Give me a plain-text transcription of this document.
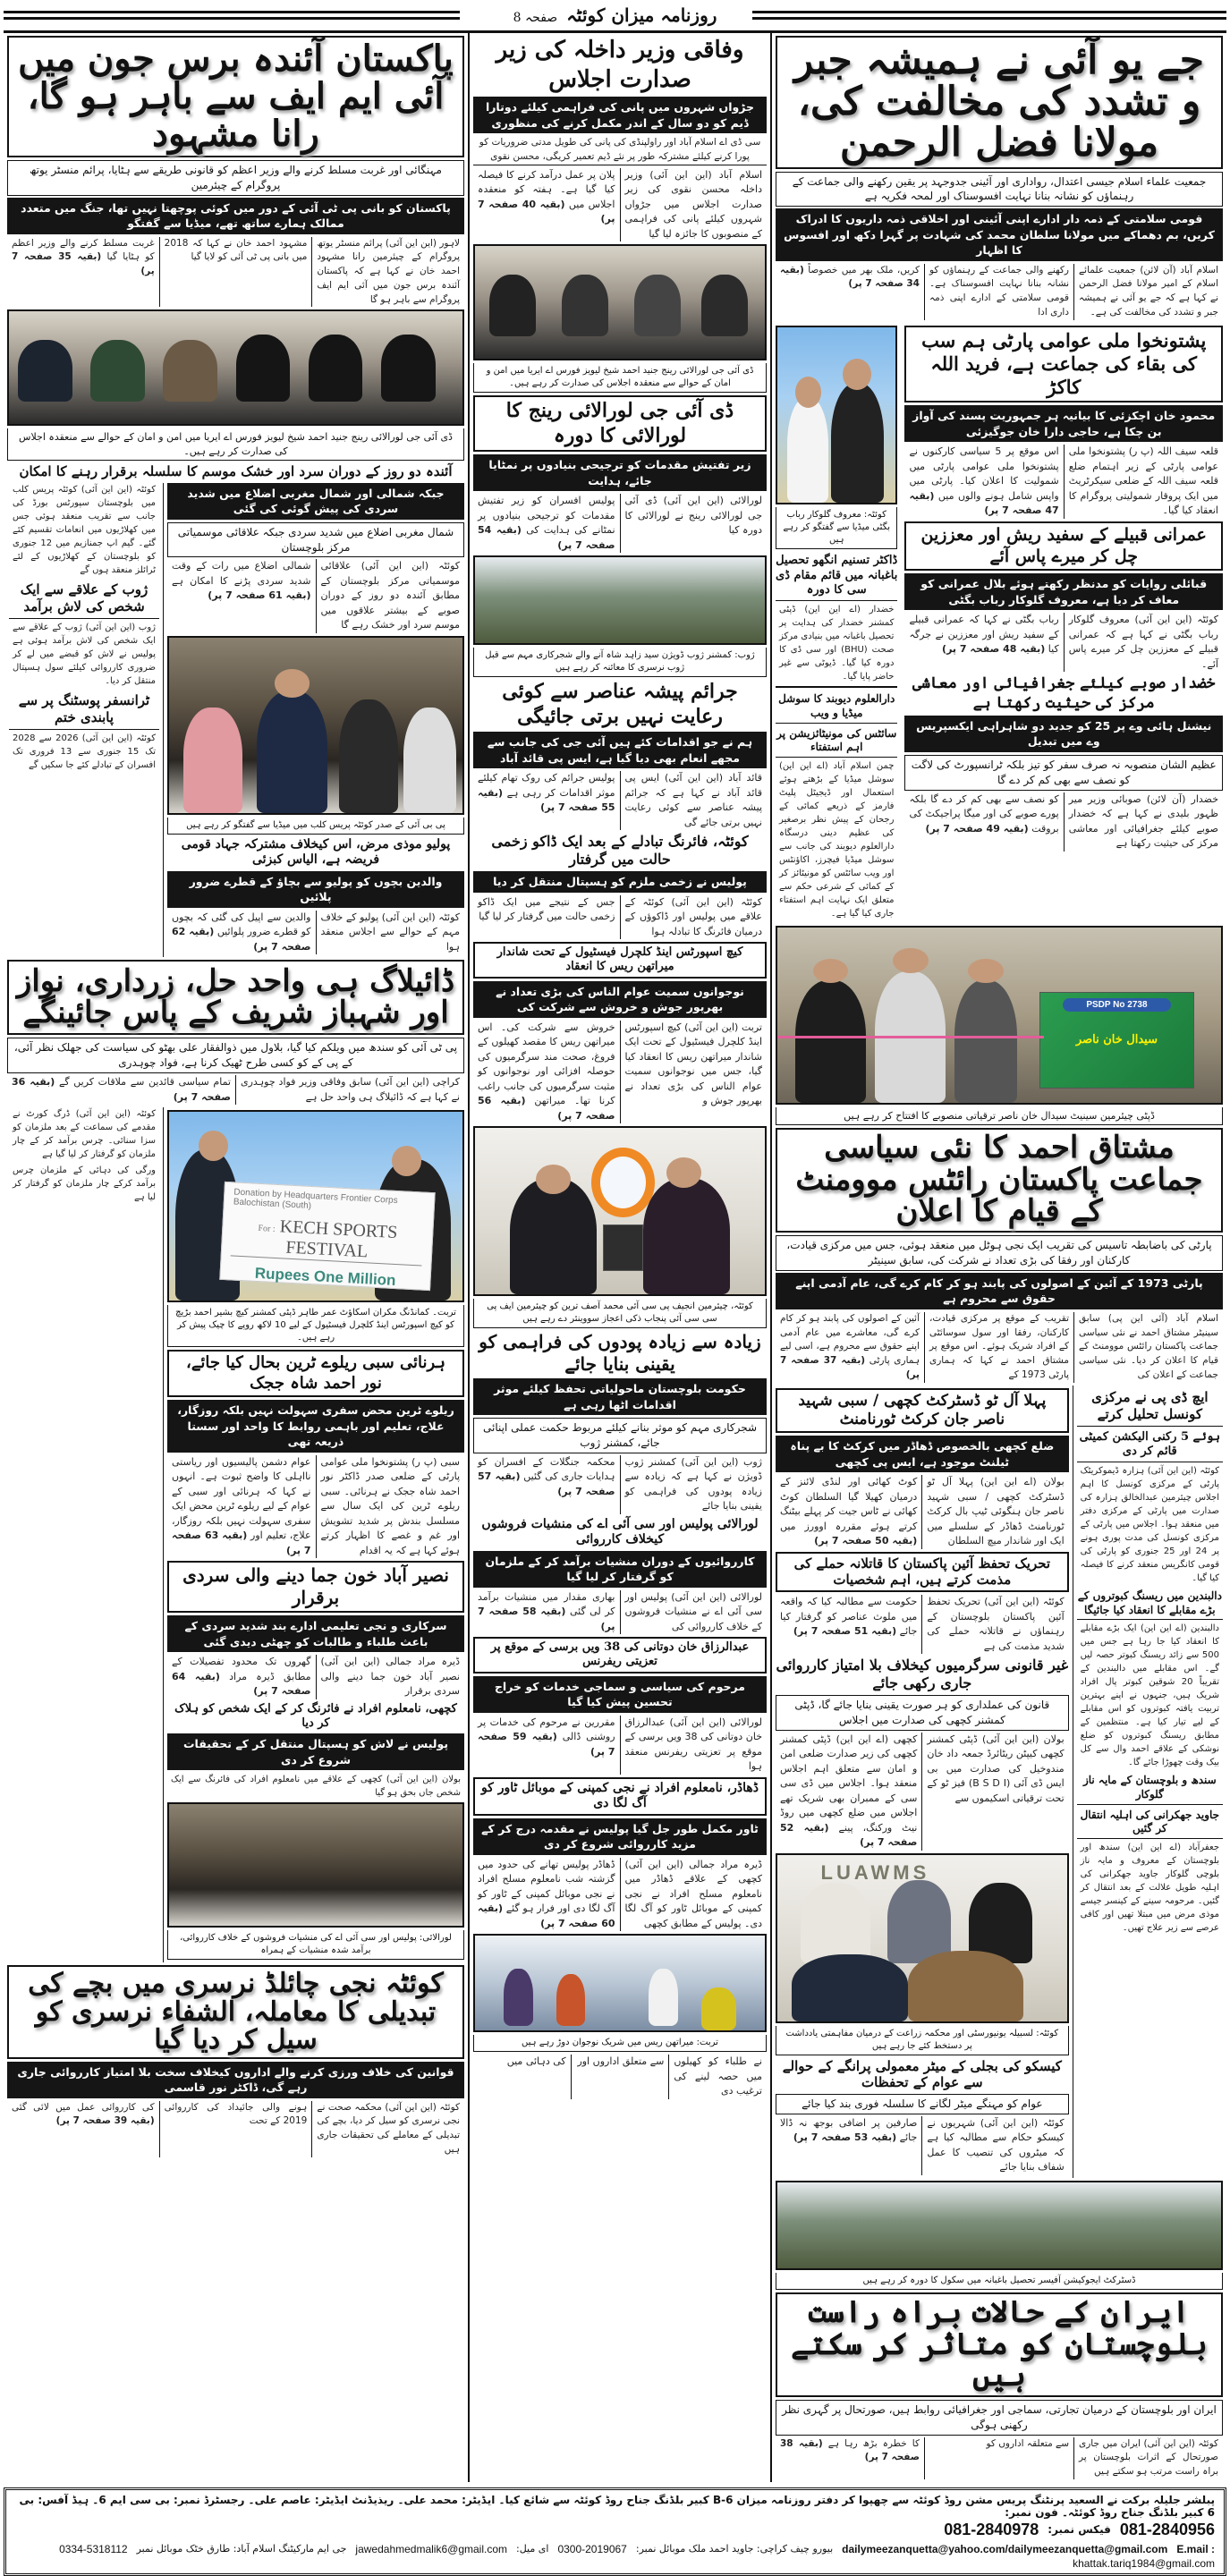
روزنامہ میزان کوئٹہ
صفحہ 8
جے یو آئی نے ہمیشہ جبر و تشدد کی مخالفت کی، مولانا فضل الرحمن
جمعیت علماء اسلام جیسی اعتدال، رواداری اور آئینی جدوجہد پر یقین رکھنے والی جماعت کے رہنماؤں کو نشانہ بنانا نہایت افسوسناک اور لمحہ فکریہ ہے
قومی سلامتی کے ذمہ دار ادارے اپنی آئینی اور اخلاقی ذمہ داریوں کا ادراک کریں، بم دھماکے میں مولانا سلطان محمد کی شہادت پر گہرا دکھ اور افسوس کا اظہار
اسلام آباد (آن لائن) جمعیت علمائے اسلام کے امیر مولانا فضل الرحمن نے کہا ہے کہ جے یو آئی نے ہمیشہ جبر و تشدد کی مخالفت کی ہے۔
رکھنے والی جماعت کے رہنماؤں کو نشانہ بنانا نہایت افسوسناک ہے۔ قومی سلامتی کے ادارے اپنی ذمہ داری ادا
کریں، ملک بھر میں خصوصاً (بقیہ 34 صفحہ 7 پر)
پشتونخوا ملی عوامی پارٹی ہم سب کی بقاء کی جماعت ہے، فرید اللہ کاکڑ
محمود خان اچکزئی کا بیانیہ ہر جمہوریت پسند کی آواز بن چکا ہے، حاجی دارا خان جوگیزئی
قلعہ سیف اللہ (پ ر) پشتونخوا ملی عوامی پارٹی کے زیر اہتمام ضلع قلعہ سیف اللہ کے ضلعی سیکرٹریٹ میں ایک پروقار شمولیتی پروگرام کا انعقاد کیا گیا۔
اس موقع پر 5 سیاسی کارکنوں نے پشتونخوا ملی عوامی پارٹی میں شمولیت کا اعلان کیا۔ پارٹی میں واپس شامل ہونے والوں میں (بقیہ 47 صفحہ 7 پر)
عمرانی قبیلے کے سفید ریش اور معززین چل کر میرے پاس آئے
قبائلی روایات کو مدنظر رکھتے ہوئے بلال عمرانی کو معاف کر دیا ہے، معروف گلوکار رباب بگٹی
کوئٹہ (این این آئی) معروف گلوکار رباب بگٹی نے کہا ہے کہ عمرانی قبیلے کے معززین چل کر میرے پاس آئے۔
رباب بگٹی نے کہا کہ عمرانی قبیلے کے سفید ریش اور معززین نے جرگہ کیا (بقیہ 48 صفحہ 7 پر)
خضدار صوبے کیلئے جغرافیائی اور معاشی مرکز کی حیثیت رکھتا ہے
نیشنل ہائی وے پر 25 کو جدید دو شاہراہی ایکسپریس وے میں تبدیل
عظیم الشان منصوبہ نہ صرف سفر کو تیز بلکہ ٹرانسپورٹ کی لاگت کو نصف سے بھی کم کر دے گا
خضدار (آن لائن) صوبائی وزیر میر ظہور بلیدی نے کہا ہے کہ خضدار صوبے کیلئے جغرافیائی اور معاشی مرکز کی حیثیت رکھتا ہے
کو نصف سے بھی کم کر دے گا بلکہ پورے صوبے کی اور میگا پراجیکٹ کی بروقت (بقیہ 49 صفحہ 7 پر)
کوئٹہ: معروف گلوکار رباب بگٹی میڈیا سے گفتگو کر رہے ہیں
ڈاکٹر تسنیم انگھو تحصیل باغبانہ میں قائم مقام ڈی سی کا دورہ
خضدار (اے این این) ڈپٹی کمشنر خضدار کی ہدایت پر تحصیل باغبانہ میں بنیادی مرکز صحت (BHU) اور سی ڈی کا دورہ کیا گیا۔ ڈیوٹی سے غیر حاضر پایا گیا۔
دارالعلوم دیوبند کا سوشل میڈیا و ویب
سائٹس کی مونیٹائزیشن پر اہم استفتاء
چمن اسلام آباد (اے این این) سوشل میڈیا کے بڑھتے ہوئے استعمال اور ڈیجیٹل پلیٹ فارمز کے ذریعے کمائی کے رجحان کے پیش نظر برصغیر کی عظیم دینی درسگاہ دارالعلوم دیوبند کی جانب سے سوشل میڈیا فیچرز، اکاؤنٹس اور ویب سائٹس کو مونیٹائز کر کے کمائی کے شرعی حکم سے متعلق ایک نہایت اہم استفتاء جاری کیا گیا ہے۔
PSDP No 2738
سیدال خان ناصر
ڈپٹی چیئرمین سینیٹ سیدال خان ناصر ترقیاتی منصوبے کا افتتاح کر رہے ہیں
مشتاق احمد کا نئی سیاسی جماعت پاکستان رائٹس موومنٹ کے قیام کا اعلان
پارٹی کی باضابطہ تاسیس کی تقریب ایک نجی ہوٹل میں منعقد ہوئی، جس میں مرکزی قیادت، کارکنان اور رفقا کی بڑی تعداد نے شرکت کی، سابق سینیٹر
پارٹی 1973 کے آئین کے اصولوں کی پابند ہو کر کام کرے گی، عام آدمی اپنے حقوق سے محروم ہے
اسلام آباد (آئی این پی) سابق سینیٹر مشتاق احمد نے نئی سیاسی جماعت پاکستان رائٹس موومنٹ کے قیام کا اعلان کر دیا۔ نئی سیاسی جماعت کے اعلان کی
تقریب کے موقع پر مرکزی قیادت، کارکنان، رفقا اور سول سوسائٹی کے افراد شریک ہوئے۔ اس موقع پر مشتاق احمد نے کہا کہ ہماری پارٹی 1973 کے
آئین کے اصولوں کی پابند ہو کر کام کرے گی، معاشرے میں عام آدمی اپنے حقوق سے محروم ہے، اسی لیے ہماری پارٹی (بقیہ 37 صفحہ 7 پر)
ایچ ڈی پی نے مرکزی کونسل تحلیل کرتے
ہوئے 5 رکنی الیکشن کمیٹی قائم کر دی
کوئٹہ (این این آئی) ہزارہ ڈیموکریٹک پارٹی کے مرکزی کونسل کا اہم اجلاس چیئرمین عبدالخالق ہزارہ کی صدارت میں پارٹی کے مرکزی دفتر میں منعقد ہوا۔ اجلاس میں پارٹی کے مرکزی کونسل کی مدت پوری ہونے پر 24 اور 25 جنوری کو پارٹی کی قومی کانگریس منعقد کرنے کا فیصلہ کیا گیا۔
دالبندین میں ریسنگ کبوتروں کے بڑے مقابلے کا انعقاد کیا جائیگا
دالبندین (اے این این) ایک بڑے مقابلے کا انعقاد کیا جا رہا ہے جس میں 500 سے زائد ریسنگ کبوتر حصہ لیں گے۔ اس مقابلے میں دالبندین کے تقریباً 20 شوقین کبوتر پال افراد شریک ہیں، جنہوں نے اپنے بہترین تربیت یافتہ کبوتروں کو اس مقابلے کے لیے تیار کیا ہے۔ منتظمین کے مطابق ریسنگ کبوتروں کو ضلع نوشکی کے علاقے احمد وال سے کل بیک وقت چھوڑا جائے گا۔
سندھ و بلوچستان کے مایہ ناز گلوکار
جاوید جھکرانی کی اہلیہ انتقال کر گئیں
جعفرآباد (اے این این) سندھ اور بلوچستان کے معروف و مایہ ناز بلوچی گلوکار جاوید جھکرانی کی اہلیہ طویل علالت کے بعد انتقال کر گئیں۔ مرحومہ سینے کے کینسر جیسے موذی مرض میں مبتلا تھیں اور کافی عرصے سے زیر علاج تھیں۔
پہلا آل ٹو ڈسٹرکٹ کچھی / سبی شہید ناصر جان کرکٹ ٹورنامنٹ
ضلع کچھی بالخصوص ڈھاڈر میں کرکٹ کا بے پناہ ٹیلنٹ موجود ہے، ایس پی کچھی
بولان (اے این این) پہلا آل ٹو ڈسٹرکٹ کچھی / سبی شہید ناصر جان ہنگوئی ٹیپ بال کرکٹ ٹورنامنٹ ڈھاڈر کے سلسلے میں ایک اور شاندار میچ السلطان
کوٹ کھائی اور لنڈی لائنز کے درمیان کھیلا گیا السلطان کوٹ کھائی نے ٹاس جیت کر پہلے بیٹنگ کرتے ہوئے مقررہ اوورز میں (بقیہ 50 صفحہ 7 پر)
تحریک تحفظ آئین پاکستان کا قاتلانہ حملے کی مذمت کرتے ہیں، اہم شخصیات
کوئٹہ (این این آئی) تحریک تحفظ آئین پاکستان بلوچستان کے رہنماؤں نے قاتلانہ حملے کی شدید مذمت کی ہے
حکومت سے مطالبہ کیا کہ واقعہ میں ملوث عناصر کو گرفتار کیا جائے (بقیہ 51 صفحہ 7 پر)
غیر قانونی سرگرمیوں کیخلاف بلا امتیاز کارروائی جاری رکھی جائے
قانون کی عملداری کو ہر صورت یقینی بنایا جائے گا، ڈپٹی کمشنر کچھی کی صدارت میں اجلاس
بولان (این این آئی) ڈپٹی کمشنر کچھی کیپٹن ریٹائرڈ جمعہ داد خان مندوخیل کی صدارت میں بی ایس ڈی آئی (B S D I) فیز ٹو کے تحت ترقیاتی اسکیموں سے
کچھی (اے این این) ڈپٹی کمشنر کچھی کی زیر صدارت ضلعی امن و امان سے متعلق اہم اجلاس منعقد ہوا۔ اجلاس میں ڈی سی سی کے ممبران بھی شریک تھے اجلاس میں ضلع کچھی میں روڈ نیٹ ورکنگ، پینے (بقیہ 52 صفحہ 7 پر)
LUAWMS
کوئٹہ: لسبیلہ یونیورسٹی اور محکمہ زراعت کے درمیان مفاہمتی یادداشت پر دستخط کئے جا رہے ہیں
کیسکو کی بجلی کے میٹر معمولی پرانگے کے حوالے سے عوام کے تحفظات
عوام کو مہنگے میٹر لگانے کا سلسلہ فوری بند کیا جائے
کوئٹہ (این این آئی) شہریوں نے کیسکو حکام سے مطالبہ کیا ہے کہ میٹروں کی تنصیب کا عمل شفاف بنایا جائے
صارفین پر اضافی بوجھ نہ ڈالا جائے (بقیہ 53 صفحہ 7 پر)
ڈسٹرکٹ ایجوکیشن آفیسر تحصیل باغبانہ میں سکول کا دورہ کر رہے ہیں
ایران کے حالات براہ راست بلوچستان کو متاثر کر سکتے ہیں
ایران اور بلوچستان کے درمیان تجارتی، سماجی اور جغرافیائی روابط ہیں، صورتحال پر گہری نظر رکھنی ہوگی
کوئٹہ (این این آئی) ایران میں جاری صورتحال کے اثرات بلوچستان پر براہ راست مرتب ہو سکتے ہیں
سے متعلقہ اداروں کو
کا خطرہ بڑھ رہا ہے (بقیہ 38 صفحہ 7 پر)
وفاقی وزیر داخلہ کی زیر صدارت اجلاس
جڑواں شہروں میں پانی کی فراہمی کیلئے دوتارا ڈیم کو دو سال کے اندر مکمل کرنے کی منظوری
سی ڈی اے اسلام آباد اور راولپنڈی کی پانی کی طویل مدتی ضروریات کو پورا کرنے کیلئے مشترکہ طور پر نئے ڈیم تعمیر کریگی، محسن نقوی
اسلام آباد (این این آئی) وزیر داخلہ محسن نقوی کی زیر صدارت اجلاس میں جڑواں شہروں کیلئے پانی کی فراہمی کے منصوبوں کا جائزہ لیا گیا
پلان پر عمل درآمد کرنے کا فیصلہ کیا گیا ہے۔ ہفتہ کو منعقدہ اجلاس میں (بقیہ 40 صفحہ 7 پر)
ڈی آئی جی لورالائی رینج جنید احمد شیخ لیویز فورس اے ایریا میں امن و امان کے حوالے سے منعقدہ اجلاس کی صدارت کر رہے ہیں۔
ڈی آئی جی لورالائی رینج کا لورالائی کا دورہ
زیر تفتیش مقدمات کو ترجیحی بنیادوں پر نمٹایا جائے، ہدایت
لورالائی (این این آئی) ڈی آئی جی لورالائی رینج نے لورالائی کا دورہ کیا
پولیس افسران کو زیر تفتیش مقدمات کو ترجیحی بنیادوں پر نمٹانے کی ہدایت کی (بقیہ 54 صفحہ 7 پر)
ژوب: کمشنر ژوب ڈویژن سید زاہد شاہ آنے والے شجرکاری مہم سے قبل ژوب نرسری کا معائنہ کر رہے ہیں
جرائم پیشہ عناصر سے کوئی رعایت نہیں برتی جائیگی
ہم نے جو اقدامات کئے ہیں آئی جی کی جانب سے مجھے انعام بھی دیا گیا ہے، ایس پی قائد آباد
قائد آباد (این این آئی) ایس پی قائد آباد نے کہا ہے کہ جرائم پیشہ عناصر سے کوئی رعایت نہیں برتی جائے گی
پولیس جرائم کی روک تھام کیلئے موثر اقدامات کر رہی ہے (بقیہ 55 صفحہ 7 پر)
کوئٹہ، فائرنگ تبادلے کے بعد ایک ڈاکو زخمی حالت میں گرفتار
پولیس نے زخمی ملزم کو ہسپتال منتقل کر دیا
کوئٹہ (این این آئی) کوئٹہ کے علاقے میں پولیس اور ڈاکوؤں کے درمیان فائرنگ کا تبادلہ ہوا
جس کے نتیجے میں ایک ڈاکو زخمی حالت میں گرفتار کر لیا گیا
کیچ اسپورٹس اینڈ کلچرل فیسٹیول کے تحت شاندار میراتھن ریس کا انعقاد
نوجوانوں سمیت عوام الناس کی بڑی تعداد نے بھرپور جوش و خروش سے شرکت کی
تربت (این این آئی) کیچ اسپورٹس اینڈ کلچرل فیسٹیول کے تحت ایک شاندار میراتھن ریس کا انعقاد کیا گیا، جس میں نوجوانوں سمیت عوام الناس کی بڑی تعداد نے بھرپور جوش و
خروش سے شرکت کی۔ اس میراتھن ریس کا مقصد کھیلوں کے فروغ، صحت مند سرگرمیوں کی حوصلہ افزائی اور نوجوانوں کو مثبت سرگرمیوں کی جانب راغب کرنا تھا۔ میراتھن (بقیہ 56 صفحہ 7 پر)
کوئٹہ، چیئرمین انجیف پی سی آئی محمد آصف ترین کو چیئرمین ایف پی سی سی آئی پنجاب ذکی اعجاز سووینئر دے رہے ہیں
زیادہ سے زیادہ پودوں کی فراہمی کو یقینی بنایا جائے
حکومت بلوچستان ماحولیاتی تحفظ کیلئے موثر اقدامات اٹھا رہی ہے
شجرکاری مہم کو موثر بنانے کیلئے مربوط حکمت عملی اپنائی جائے، کمشنر ژوب
ژوب (این این آئی) کمشنر ژوب ڈویژن نے کہا ہے کہ زیادہ سے زیادہ پودوں کی فراہمی کو یقینی بنایا جائے
محکمہ جنگلات کے افسران کو ہدایات جاری کی گئیں (بقیہ 57 صفحہ 7 پر)
لورالائی پولیس اور سی آئی اے کی منشیات فروشوں کیخلاف کارروائی
کارروائیوں کے دوران منشیات برآمد کر کے ملزمان کو گرفتار کر لیا گیا
لورالائی (این این آئی) پولیس اور سی آئی اے نے منشیات فروشوں کے خلاف کارروائی کی
بھاری مقدار میں منشیات برآمد کر لی گئی (بقیہ 58 صفحہ 7 پر)
عبدالرزاق خان دوتانی کی 38 ویں برسی کے موقع پر تعزیتی ریفرنس
مرحوم کی سیاسی و سماجی خدمات کو خراج تحسین پیش کیا گیا
لورالائی (این این آئی) عبدالرزاق خان دوتانی کی 38 ویں برسی کے موقع پر تعزیتی ریفرنس منعقد ہوا
مقررین نے مرحوم کی خدمات پر روشنی ڈالی (بقیہ 59 صفحہ 7 پر)
ڈھاڈر، نامعلوم افراد نے نجی کمپنی کے موبائل ٹاور کو آگ لگا دی
ٹاور مکمل طور جل گیا پولیس نے مقدمہ درج کر کے مزید کارروائی شروع کر دی
ڈیرہ مراد جمالی (این این آئی) کچھی کے علاقے ڈھاڈر میں نامعلوم مسلح افراد نے نجی کمپنی کے موبائل ٹاور کو آگ لگا دی۔ پولیس کے مطابق کچھی
ڈھاڈر پولیس تھانے کی حدود میں گزشتہ شب نامعلوم مسلح افراد نے نجی موبائل کمپنی کے ٹاور کو آگ لگا دی اور فرار ہو گئے (بقیہ 60 صفحہ 7 پر)
تربت: میراتھن ریس میں شریک نوجوان دوڑ رہے ہیں
نے طلباء کو کھیلوں میں حصہ لینے کی ترغیب دی
سے متعلق اداروں اور
کی دہائی میں
پاکستان آئندہ برس جون میں آئی ایم ایف سے باہر ہو گا، رانا مشہود
مہنگائی اور غربت مسلط کرنے والے وزیر اعظم کو قانونی طریقے سے ہٹایا، پرائم منسٹر یوتھ پروگرام کے چیئرمین
پاکستان کو بانی پی ٹی آئی کے دور میں کوئی پوچھتا نہیں تھا، جنگ میں متعدد ممالک ہمارے ساتھ تھے، میڈیا سے گفتگو
لاہور (این این آئی) پرائم منسٹر یوتھ پروگرام کے چیئرمین رانا مشہود احمد خان نے کہا ہے کہ پاکستان آئندہ برس جون میں آئی ایم ایف پروگرام سے باہر ہو گا
مشہود احمد خان نے کہا کہ 2018 میں بانی پی ٹی آئی کو لایا گیا
غربت مسلط کرنے والے وزیر اعظم کو ہٹایا گیا (بقیہ 35 صفحہ 7 پر)
ڈی آئی جی لورالائی رینج جنید احمد شیخ لیویز فورس اے ایریا میں امن و امان کے حوالے سے منعقدہ اجلاس کی صدارت کر رہے ہیں۔
آئندہ دو روز کے دوران سرد اور خشک موسم کا سلسلہ برقرار رہنے کا امکان
جبکہ شمالی اور شمال مغربی اضلاع میں شدید سردی کی پیش گوئی کی گئی
شمال مغربی اضلاع میں شدید سردی جبکہ علاقائی موسمیاتی مرکز بلوچستان
کوئٹہ (این این آئی) علاقائی موسمیاتی مرکز بلوچستان کے مطابق آئندہ دو روز کے دوران صوبے کے بیشتر علاقوں میں موسم سرد اور خشک رہے گا
شمالی اضلاع میں رات کے وقت شدید سردی پڑنے کا امکان ہے (بقیہ 61 صفحہ 7 پر)
پی بی آئی کے صدر کوئٹہ پریس کلب میں میڈیا سے گفتگو کر رہے ہیں
پولیو موذی مرض، اس کیخلاف مشترکہ جہاد قومی فریضہ ہے، الیاس کبزئی
والدین بچوں کو پولیو سے بچاؤ کے قطرے ضرور پلائیں
کوئٹہ (این این آئی) پولیو کے خلاف مہم کے حوالے سے اجلاس منعقد ہوا
والدین سے اپیل کی گئی کہ بچوں کو قطرے ضرور پلوائیں (بقیہ 62 صفحہ 7 پر)
کوئٹہ (این این آئی) کوئٹہ پریس کلب میں بلوچستان سپورٹس بورڈ کی جانب سے تقریب منعقد ہوئی جس میں کھلاڑیوں میں انعامات تقسیم کئے گئے۔ گیم اپ جمنازیم میں 12 جنوری کو بلوچستان کے کھلاڑیوں کے لئے ٹرائلز منعقد ہوں گے
ژوب کے علاقے سے ایک شخص کی لاش برآمد
ژوب (این این آئی) ژوب کے علاقے سے ایک شخص کی لاش برآمد ہوئی ہے پولیس نے لاش کو قبضے میں لے کر ضروری کارروائی کیلئے سول ہسپتال منتقل کر دیا۔
ٹرانسفر پوسٹنگ پر سے پابندی ختم
کوئٹہ (این این آئی) 2026 سے 2028 تک 15 جنوری سے 13 فروری تک افسران کے تبادلے کئے جا سکیں گے
ڈائیلاگ ہی واحد حل، زرداری، نواز اور شہباز شریف کے پاس جائینگے
پی ٹی آئی کو سندھ میں ویلکم کیا گیا، بلاول میں ذوالفقار علی بھٹو کی سیاست کی جھلک نظر آئی، کے پی کے کو کسی طرح ٹھیک کرنا ہے، فواد چوہدری
کراچی (این این آئی) سابق وفاقی وزیر فواد چوہدری نے کہا ہے کہ ڈائیلاگ ہی واحد حل ہے
تمام سیاسی قائدین سے ملاقات کریں گے (بقیہ 36 صفحہ 7 پر)
Donation by Headquarters Frontier Corps Balochistan (South)
For : KECH SPORTS FESTIVAL
Rupees One Million
تربت۔ کمانڈنگ مکران اسکاؤٹ عمر طاہر ڈپٹی کمشنر کیچ بشیر احمد بڑیچ کو کیچ اسپورٹس اینڈ کلچرل فیسٹیول کے لیے 10 لاکھ روپے کا چیک پیش کر رہے ہیں۔
ہرنائی سبی ریلوے ٹرین بحال کیا جائے، نور احمد شاہ ججک
ریلوے ٹرین محض سفری سہولت نہیں بلکہ روزگار، علاج، تعلیم اور باہمی روابط کا واحد اور سستا ذریعہ تھی
سبی (پ ر) پشتونخوا ملی عوامی پارٹی کے ضلعی صدر ڈاکٹر نور احمد شاہ ججک نے ہرنائی۔ سبی ریلوے ٹرین کی ایک سال سے مسلسل بندش پر شدید تشویش اور غم و غصے کا اظہار کرتے ہوئے کہا ہے کہ یہ اقدام
عوام دشمن پالیسیوں اور ریاستی نااہلی کا واضح ثبوت ہے۔ انہوں نے کہا کہ ہرنائی اور سبی کے عوام کے لیے ریلوے ٹرین محض ایک سفری سہولت نہیں بلکہ روزگار، علاج، تعلیم اور (بقیہ 63 صفحہ 7 پر)
نصیر آباد خون جما دینے والی سردی برقرار
سرکاری و نجی تعلیمی ادارے بند شدید سردی کے باعث طلباء و طالبات کو چھٹی دیدی گئی
ڈیرہ مراد جمالی (این این آئی) نصیر آباد خون جما دینے والی سردی برقرار
گھروں تک محدود تفصیلات کے مطابق ڈیرہ مراد (بقیہ 64 صفحہ 7 پر)
کچھی، نامعلوم افراد نے فائرنگ کر کے ایک شخص کو ہلاک کر دیا
پولیس نے لاش کو ہسپتال منتقل کر کے تحقیقات شروع کر دی
بولان (این این آئی) کچھی کے علاقے میں نامعلوم افراد کی فائرنگ سے ایک شخص جاں بحق ہو گیا
لورالائی: پولیس اور سی آئی اے کی منشیات فروشوں کے خلاف کارروائی، برآمد شدہ منشیات کے ہمراہ
کوئٹہ (این این آئی) ڈرگ کورٹ نے مقدمے کی سماعت کے بعد ملزمان کو سزا سنائی۔ چرس برآمد کر کے چار ملزمان کو گرفتار کر لیا گیا ہے
ورگی کی دہائی کے ملزمان چرس برآمد کرکے چار ملزمان کو گرفتار کر لیا ہے
کوئٹہ نجی چائلڈ نرسری میں بچے کی تبدیلی کا معاملہ، الشفاء نرسری کو سیل کر دیا گیا
قوانین کی خلاف ورزی کرنے والے اداروں کیخلاف سخت بلا امتیاز کارروائی جاری رہے گی، ڈاکٹر نور قاسمی
کوئٹہ (این این آئی) محکمہ صحت نے نجی نرسری کو سیل کر دیا، بچے کی تبدیلی کے معاملے کی تحقیقات جاری ہیں
ہونے والی جائیداد کی کارروائی 2019 کے تحت
کی کارروائی عمل میں لائی گئی (بقیہ 39 صفحہ 7 پر)
پبلشر جلیلہ برکت نے السعید پرنٹنگ پریس مشن روڈ کوئٹہ سے چھپوا کر دفتر روزنامہ میزان B-6 کبیر بلڈنگ جناح روڈ کوئٹہ سے شائع کیا۔ ایڈیٹر: محمد علی۔ ریذیڈنٹ ایڈیٹر: عاصم علی۔ رجسٹرڈ نمبر: بی سی ایم 6۔ ہیڈ آفس: بی 6 کبیر بلڈنگ جناح روڈ کوئٹہ۔ فون نمبر:
081-2840956
فیکس نمبر:
081-2840978
E.mail :
dailymeezanquetta@yahoo.com/dailymeezanquetta@gmail.com
بیورو چیف کراچی: جاوید احمد ملک موبائل نمبر:
0300-2019067
ای میل:
jawedahmedmalik6@gmail.com
جی ایم مارکیٹنگ اسلام آباد: طارق خٹک موبائل نمبر
0334-5318112
khattak.tariq1984@gmail.com
